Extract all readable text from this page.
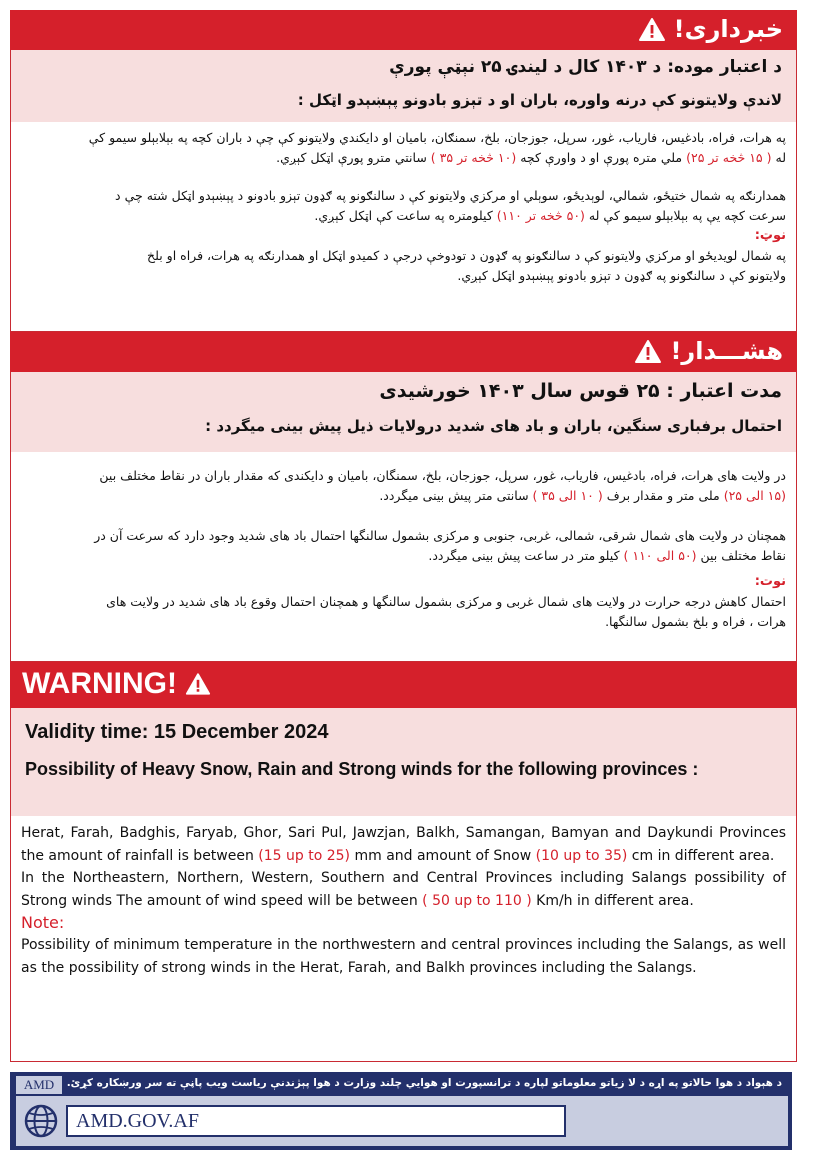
خبرداری!
د اعتبار موده: د ۱۴۰۳ کال د لیندۍ ۲۵ نېټې پورې
لاندې ولایتونو کې درنه واوره، باران او د تېزو بادونو پېښېدو اټکل :
په هرات، فراه، بادغیس، فاریاب، غور، سرپل، جوزجان، بلخ، سمنګان، بامیان او دایکندي ولایتونو کې چې د باران کچه په بېلابېلو سیمو کې
له ( ۱۵ څخه تر ۲۵) ملي متره پورې او د واورې کچه (۱۰ څخه تر ۳۵ ) سانتي مترو پورې اټکل کېږي.
همدارنګه په شمال ختیځو، شمالي، لوېدیځو، سوېلي او مرکزي ولایتونو کې د سالنګونو په ګډون تېزو بادونو د پېښېدو اټکل شته چې د
سرعت کچه یې په بېلابېلو سیمو کې له (۵۰ څخه تر ۱۱۰) کیلومتره په ساعت کې اټکل کېږي.
نوټ:
په شمال لویدیځو او مرکزي ولایتونو کې د سالنګونو په ګډون د تودوخې درجې د کمیدو اټکل او همدارنګه په هرات، فراه او بلخ
ولایتونو کې د سالنګونو په ګډون د تېزو بادونو پېښېدو اټکل کېږي.
هشـــدار!
مدت اعتبار : ۲۵ قوس سال ۱۴۰۳ خورشیدی
احتمال برفباری سنگین، باران و باد های شدید درولایات ذیل پیش بینی میگردد :
در ولایت های هرات، فراه، بادغیس، فاریاب، غور، سرپل، جوزجان، بلخ، سمنگان، بامیان و دایکندی که مقدار باران در نقاط مختلف بین
(۱۵ الی ۲۵) ملی متر و مقدار برف ( ۱۰ الی ۳۵ ) سانتی متر پیش بینی میگردد.
همچنان در ولایت های شمال شرقی، شمالی، غربی، جنوبی و مرکزی بشمول سالنگها احتمال باد های شدید وجود دارد که سرعت آن در
نقاط مختلف بین (۵۰ الی ۱۱۰ ) کیلو متر در ساعت پیش بینی میگردد.
نوت:
احتمال کاهش درجه حرارت در ولایت های شمال غربی و مرکزی بشمول سالنگها و همچنان احتمال وقوع باد های شدید در ولایت های
هرات ، فراه و بلخ بشمول سالنگها.
WARNING!
Validity time: 15 December 2024
Possibility of Heavy Snow, Rain and Strong winds for the following provinces :
Herat, Farah, Badghis, Faryab, Ghor, Sari Pul, Jawzjan, Balkh, Samangan, Bamyan and Daykundi Provinces the amount of rainfall is between (15 up to 25) mm and amount of Snow (10 up to 35) cm in different area.
In the Northeastern, Northern, Western, Southern and Central Provinces including Salangs possibility of Strong winds The amount of wind speed will be between ( 50 up to 110 ) Km/h in different area.
Note:
Possibility of minimum temperature in the northwestern and central provinces including the Salangs, as well as the possibility of strong winds in the Herat, Farah, and Balkh provinces including the Salangs.
د هېواد د هوا حالاتو په اړه د لا زیاتو معلوماتو لپاره د ترانسپورت او هوايي چلند وزارت د هوا پېژندنې ریاست ویب پاڼې ته سر ورښکاره کړئ.
AMD
AMD.GOV.AF
